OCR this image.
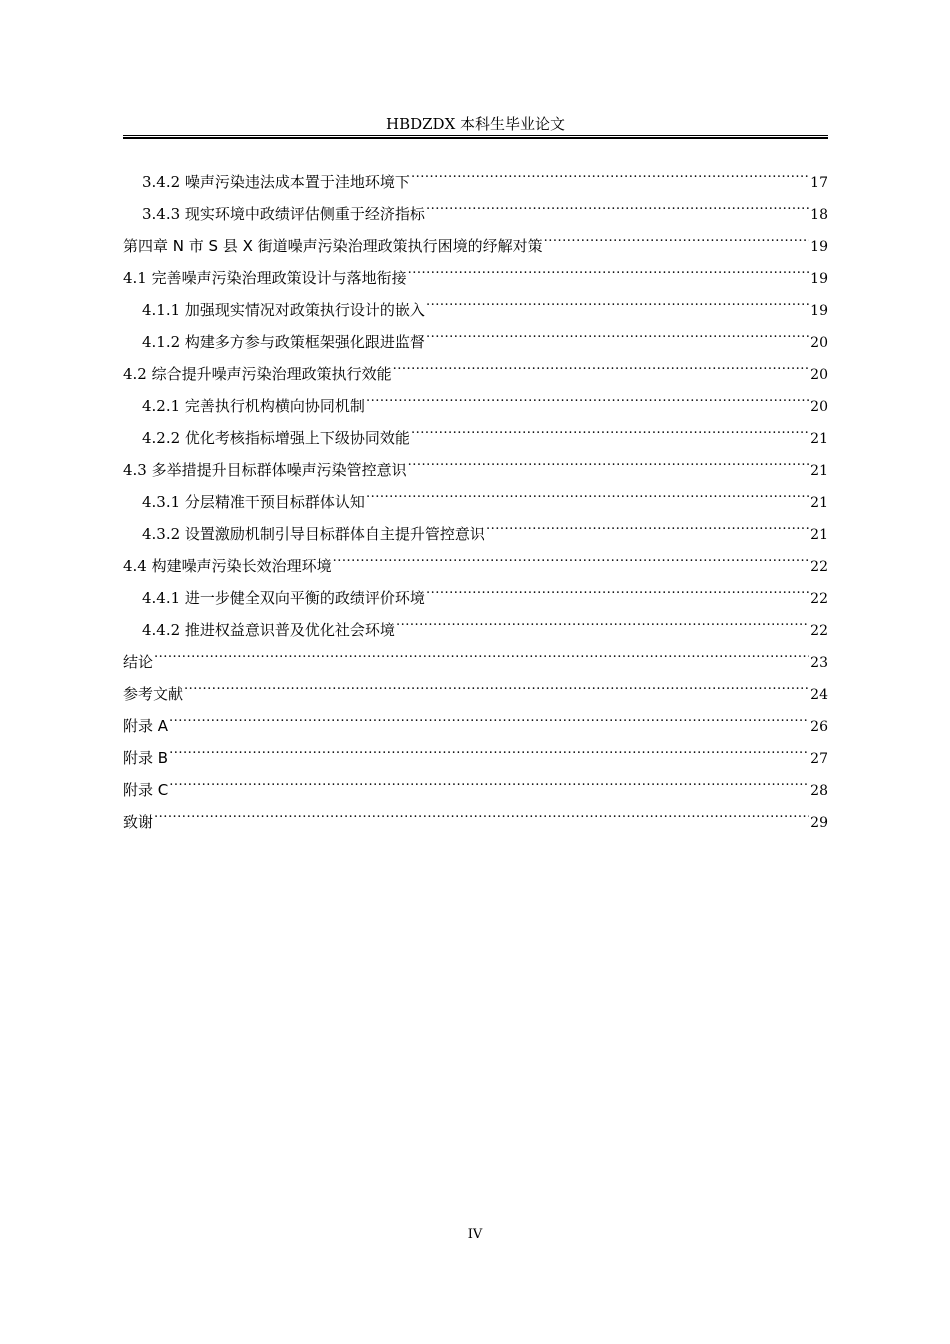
HBDZDX 本科生毕业论文
3.4.2 噪声污染违法成本置于洼地环境下 .....	17
3.4.3 现实环境中政绩评估侧重于经济指标 .....	18
第四章 N 市 S 县 X 街道噪声污染治理政策执行困境的纾解对策 .....	19
4.1 完善噪声污染治理政策设计与落地衔接 .....	19
4.1.1 加强现实情况对政策执行设计的嵌入 .....	19
4.1.2 构建多方参与政策框架强化跟进监督 .....	20
4.2 综合提升噪声污染治理政策执行效能 .....	20
4.2.1 完善执行机构横向协同机制 .....	20
4.2.2 优化考核指标增强上下级协同效能 .....	21
4.3 多举措提升目标群体噪声污染管控意识 .....	21
4.3.1 分层精准干预目标群体认知 .....	21
4.3.2 设置激励机制引导目标群体自主提升管控意识 .....	21
4.4 构建噪声污染长效治理环境 .....	22
4.4.1 进一步健全双向平衡的政绩评价环境 .....	22
4.4.2 推进权益意识普及优化社会环境 .....	22
结论 .....	23
参考文献 .....	24
附录 A .....	26
附录 B .....	27
附录 C .....	28
致谢 .....	29
IV
